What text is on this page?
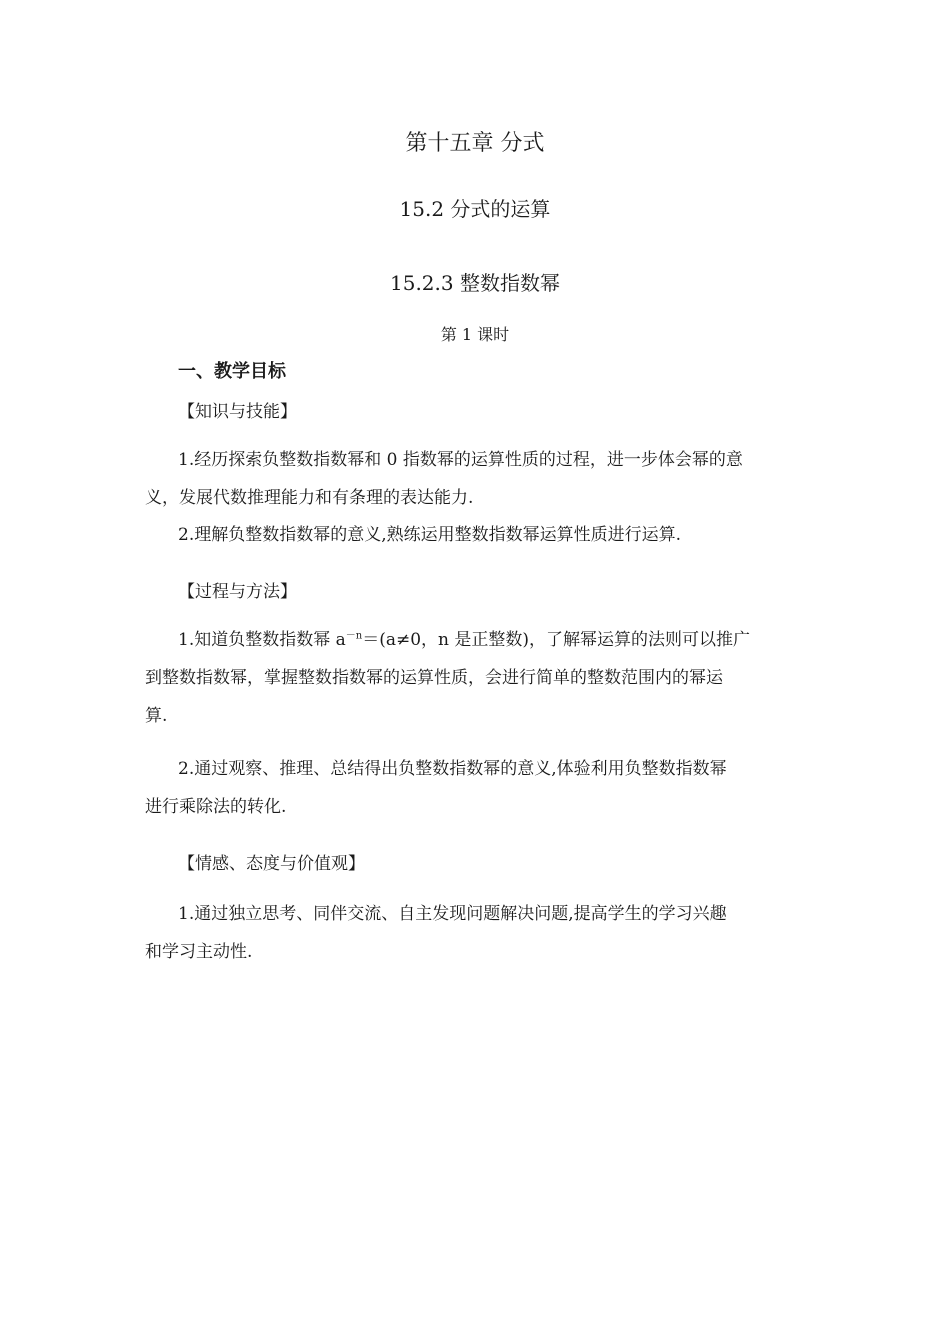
第十五章 分式
15.2 分式的运算
15.2.3 整数指数幂
第 1 课时
一、教学目标
【知识与技能】
1.经历探索负整数指数幂和 0 指数幂的运算性质的过程，进一步体会幂的意
义，发展代数推理能力和有条理的表达能力.
2.理解负整数指数幂的意义,熟练运用整数指数幂运算性质进行运算.
【过程与方法】
1.知道负整数指数幂 $a^{-n}=(a\ne 0$，n 是正整数)，了解幂运算的法则可以推广
到整数指数幂，掌握整数指数幂的运算性质，会进行简单的整数范围内的幂运
算.
2.通过观察、推理、总结得出负整数指数幂的意义,体验利用负整数指数幂
进行乘除法的转化.
【情感、态度与价值观】
1.通过独立思考、同伴交流、自主发现问题解决问题,提高学生的学习兴趣
和学习主动性.
